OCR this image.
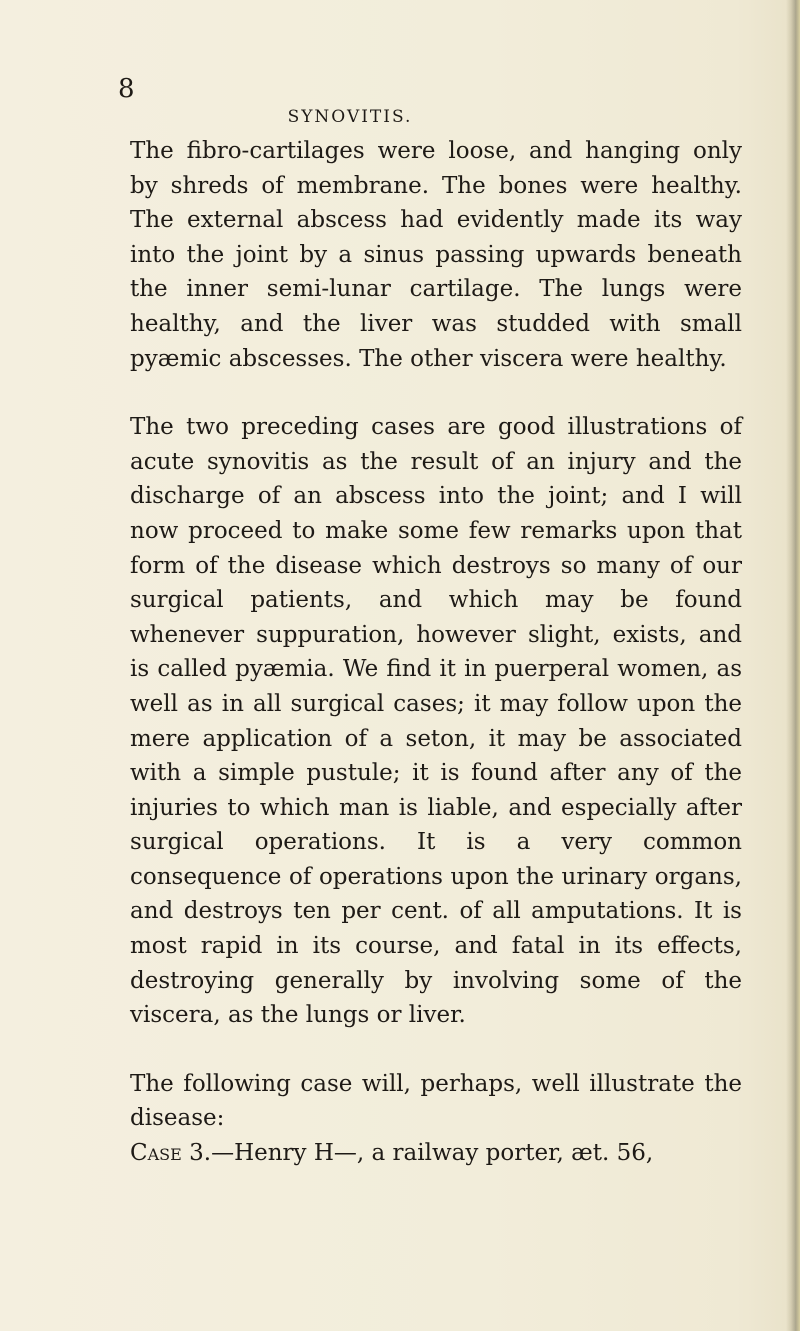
8
SYNOVITIS.

The fibro-cartilages were loose, and hanging only by shreds of membrane. The bones were healthy. The external abscess had evidently made its way into the joint by a sinus passing upwards beneath the inner semi-lunar cartilage. The lungs were healthy, and the liver was studded with small pyæmic abscesses. The other viscera were healthy.

The two preceding cases are good illustrations of acute synovitis as the result of an injury and the discharge of an abscess into the joint; and I will now proceed to make some few remarks upon that form of the disease which destroys so many of our surgical patients, and which may be found whenever suppuration, however slight, exists, and is called pyæmia. We find it in puerperal women, as well as in all surgical cases; it may follow upon the mere application of a seton, it may be associated with a simple pustule; it is found after any of the injuries to which man is liable, and especially after surgical operations. It is a very common consequence of operations upon the urinary organs, and destroys ten per cent. of all amputations. It is most rapid in its course, and fatal in its effects, destroying generally by involving some of the viscera, as the lungs or liver.

The following case will, perhaps, well illustrate the disease:

Case 3.—Henry H—, a railway porter, æt. 56,
